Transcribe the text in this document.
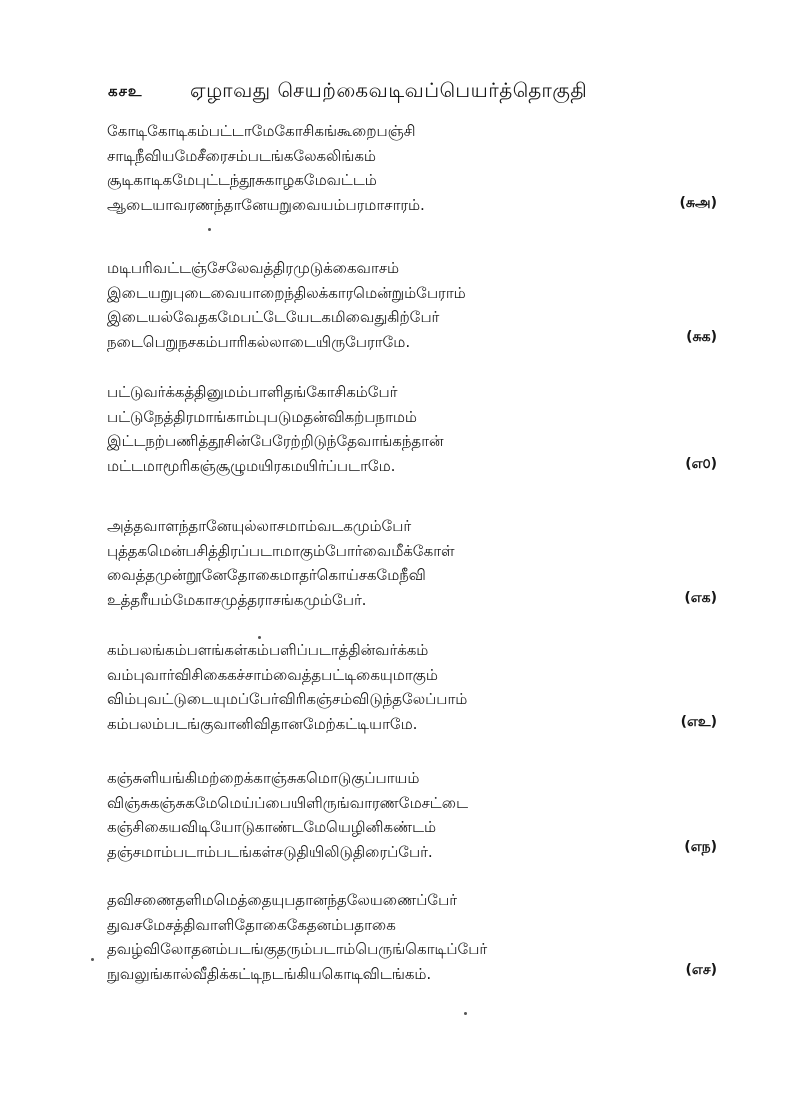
கசஉ ஏழாவது செயற்கைவடிவப்பெயர்த்தொகுதி
கோடிகோடிகம்பட்டாமேகோசிகங்கூறைபஞ்சி
சாடிநீவியமேசீரைசம்படங்கலேகலிங்கம்
சூடிகாடிகமேபுட்டந்தூசுகாழகமேவட்டம்
ஆடையாவரணந்தானேயறுவையம்பரமாசாரம்.	(சுஅ)
மடிபரிவட்டஞ்சேலேவத்திரமுடுக்கைவாசம்
இடையறுபுடைவையாறைந்திலக்காரமென்றும்பேராம்
இடையல்வேதகமேபட்டேயேடகமிவைதுகிற்பேர்
நடைபெறுநசகம்பாரிகல்லாடையிருபேராமே.	(சுக)
பட்டுவர்க்கத்தினுமம்பாளிதங்கோசிகம்பேர்
பட்டுநேத்திரமாங்காம்புபடுமதன்விகற்பநாமம்
இட்டநற்பணித்தூசின்பேரேற்றிடுந்தேவாங்கந்தான்
மட்டமாமூரிகஞ்சூழுமயிரகமயிர்ப்படாமே.	(எ௦)
அத்தவாளந்தானேயுல்லாசமாம்வடகமும்பேர்
புத்தகமென்பசித்திரப்படாமாகும்போர்வைமீக்கோள்
வைத்தமுன்றூனேதோகைமாதர்கொய்சகமேநீவி
உத்தரீயம்மேகாசமுத்தராசங்கமும்பேர்.	(எக)
கம்பலங்கம்பளங்கள்கம்பளிப்படாத்தின்வர்க்கம்
வம்புவார்விசிகைகச்சாம்வைத்தபட்டிகையுமாகும்
விம்புவட்டுடையுமப்பேர்விரிகஞ்சம்விடுந்தலேப்பாம்
கம்பலம்படங்குவானிவிதானமேற்கட்டியாமே.	(எஉ)
கஞ்சுளியங்கிமற்றைக்காஞ்சுகமொடுகுப்பாயம்
விஞ்சுகஞ்சுகமேமெய்ப்பையிளிருங்வாரணமேசட்டை
கஞ்சிகையவிடியோடுகாண்டமேயெழினிகண்டம்
தஞ்சமாம்படாம்படங்கள்சடுதியிலிடுதிரைப்பேர்.	(எந)
தவிசணைதளிமமெத்தையுபதானந்தலேயணைப்பேர்
துவசமேசத்திவாளிதோகைகேதனம்பதாகை
தவழ்விலோதனம்படங்குதரும்படாம்பெருங்கொடிப்பேர்
நுவலுங்கால்வீதிக்கட்டிநடங்கியகொடிவிடங்கம்.	(எச)
